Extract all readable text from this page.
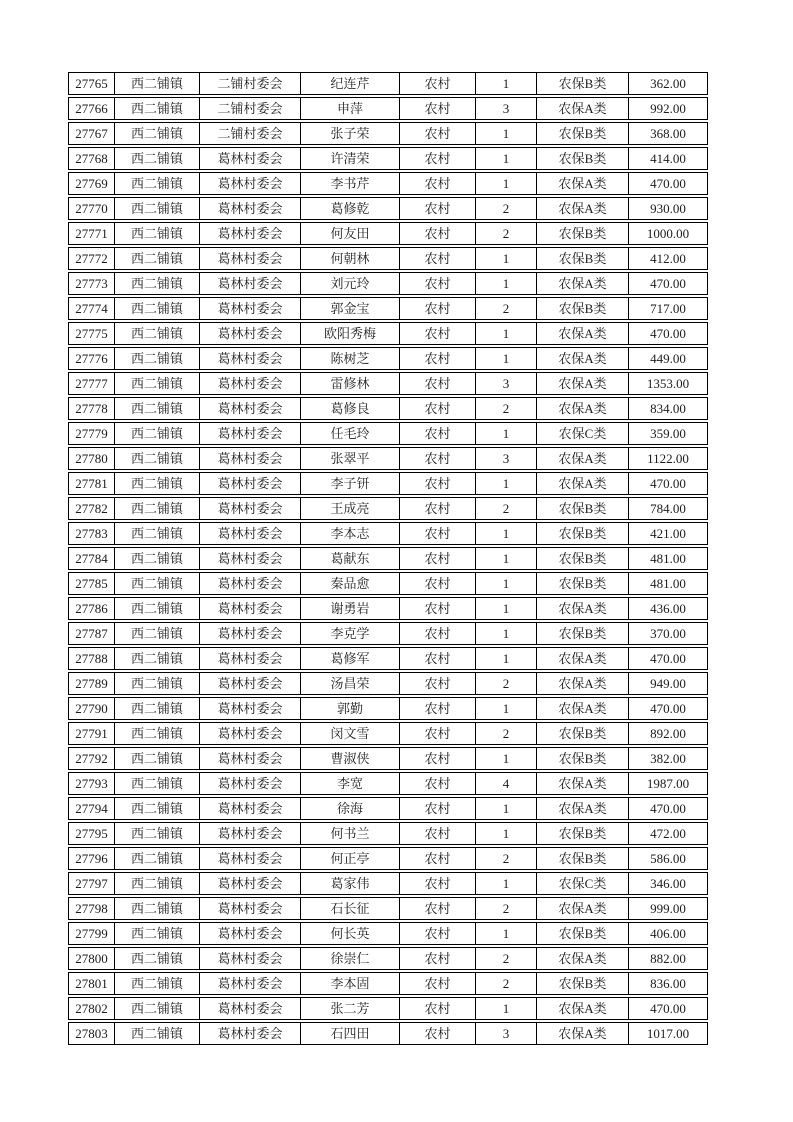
27765	西二铺镇	二铺村委会	纪连芹	农村	1	农保B类	362.00
27766	西二铺镇	二铺村委会	申萍	农村	3	农保A类	992.00
27767	西二铺镇	二铺村委会	张子荣	农村	1	农保B类	368.00
27768	西二铺镇	葛林村委会	许清荣	农村	1	农保B类	414.00
27769	西二铺镇	葛林村委会	李书芹	农村	1	农保A类	470.00
27770	西二铺镇	葛林村委会	葛修乾	农村	2	农保A类	930.00
27771	西二铺镇	葛林村委会	何友田	农村	2	农保B类	1000.00
27772	西二铺镇	葛林村委会	何朝林	农村	1	农保B类	412.00
27773	西二铺镇	葛林村委会	刘元玲	农村	1	农保A类	470.00
27774	西二铺镇	葛林村委会	郭金宝	农村	2	农保B类	717.00
27775	西二铺镇	葛林村委会	欧阳秀梅	农村	1	农保A类	470.00
27776	西二铺镇	葛林村委会	陈树芝	农村	1	农保A类	449.00
27777	西二铺镇	葛林村委会	雷修林	农村	3	农保A类	1353.00
27778	西二铺镇	葛林村委会	葛修良	农村	2	农保A类	834.00
27779	西二铺镇	葛林村委会	任毛玲	农村	1	农保C类	359.00
27780	西二铺镇	葛林村委会	张翠平	农村	3	农保A类	1122.00
27781	西二铺镇	葛林村委会	李子钘	农村	1	农保A类	470.00
27782	西二铺镇	葛林村委会	王成亮	农村	2	农保B类	784.00
27783	西二铺镇	葛林村委会	李本志	农村	1	农保B类	421.00
27784	西二铺镇	葛林村委会	葛献东	农村	1	农保B类	481.00
27785	西二铺镇	葛林村委会	秦品愈	农村	1	农保B类	481.00
27786	西二铺镇	葛林村委会	谢勇岩	农村	1	农保A类	436.00
27787	西二铺镇	葛林村委会	李克学	农村	1	农保B类	370.00
27788	西二铺镇	葛林村委会	葛修军	农村	1	农保A类	470.00
27789	西二铺镇	葛林村委会	汤昌荣	农村	2	农保A类	949.00
27790	西二铺镇	葛林村委会	郭勤	农村	1	农保A类	470.00
27791	西二铺镇	葛林村委会	闵文雪	农村	2	农保B类	892.00
27792	西二铺镇	葛林村委会	曹淑侠	农村	1	农保B类	382.00
27793	西二铺镇	葛林村委会	李宽	农村	4	农保A类	1987.00
27794	西二铺镇	葛林村委会	徐海	农村	1	农保A类	470.00
27795	西二铺镇	葛林村委会	何书兰	农村	1	农保B类	472.00
27796	西二铺镇	葛林村委会	何正亭	农村	2	农保B类	586.00
27797	西二铺镇	葛林村委会	葛家伟	农村	1	农保C类	346.00
27798	西二铺镇	葛林村委会	石长征	农村	2	农保A类	999.00
27799	西二铺镇	葛林村委会	何长英	农村	1	农保B类	406.00
27800	西二铺镇	葛林村委会	徐崇仁	农村	2	农保A类	882.00
27801	西二铺镇	葛林村委会	李本固	农村	2	农保B类	836.00
27802	西二铺镇	葛林村委会	张二芳	农村	1	农保A类	470.00
27803	西二铺镇	葛林村委会	石四田	农村	3	农保A类	1017.00
